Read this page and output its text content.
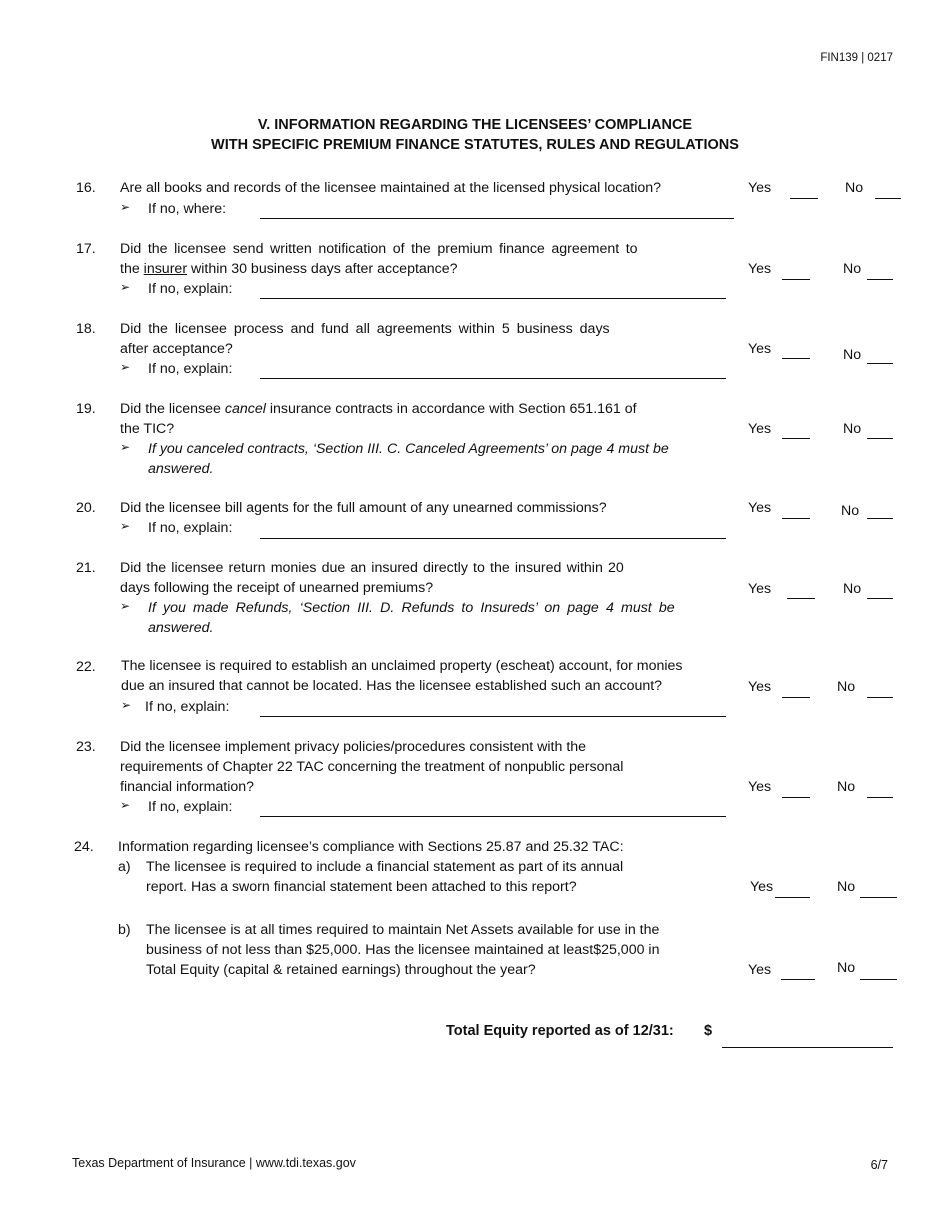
FIN139 | 0217
V. INFORMATION REGARDING THE LICENSEES’ COMPLIANCE
WITH SPECIFIC PREMIUM FINANCE STATUTES, RULES AND REGULATIONS
16. Are all books and records of the licensee maintained at the licensed physical location?
➢ If no, where:
Yes	No
17. Did the licensee send written notification of the premium finance agreement to
the insurer within 30 business days after acceptance?
➢ If no, explain:
Yes	No
18. Did the licensee process and fund all agreements within 5 business days
after acceptance?
➢ If no, explain:
Yes	No
19. Did the licensee cancel insurance contracts in accordance with Section 651.161 of
the TIC?
➢ If you canceled contracts, ‘Section III. C. Canceled Agreements’ on page 4 must be
answered.
Yes	No
20. Did the licensee bill agents for the full amount of any unearned commissions?
➢ If no, explain:
Yes	No
21. Did the licensee return monies due an insured directly to the insured within 20
days following the receipt of unearned premiums?
➢ If you made Refunds, ‘Section III. D. Refunds to Insureds’ on page 4 must be
answered.
Yes	No
22. The licensee is required to establish an unclaimed property (escheat) account, for monies
due an insured that cannot be located. Has the licensee established such an account?
➢ If no, explain:
Yes	No
23. Did the licensee implement privacy policies/procedures consistent with the
requirements of Chapter 22 TAC concerning the treatment of nonpublic personal
financial information?
➢ If no, explain:
Yes	No
24. Information regarding licensee’s compliance with Sections 25.87 and 25.32 TAC:
a) The licensee is required to include a financial statement as part of its annual
report. Has a sworn financial statement been attached to this report?	Yes	No
b) The licensee is at all times required to maintain Net Assets available for use in the
business of not less than $25,000. Has the licensee maintained at least$25,000 in
Total Equity (capital & retained earnings) throughout the year?	Yes	No
Total Equity reported as of 12/31: $
Texas Department of Insurance | www.tdi.texas.gov	6/7
